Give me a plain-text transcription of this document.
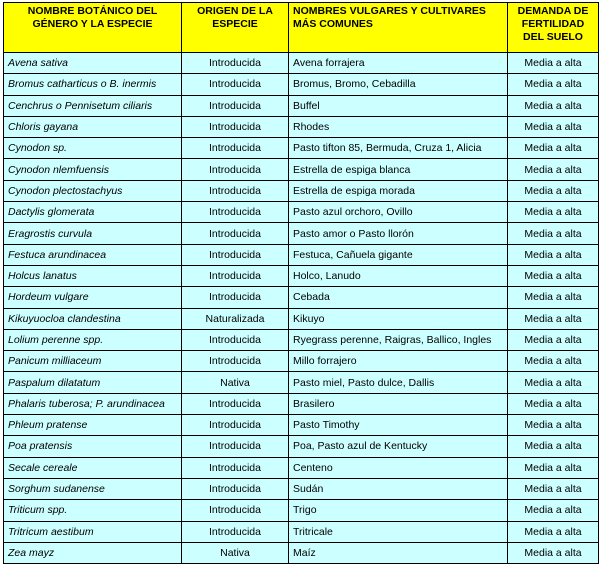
NOMBRE BOTÁNICO DEL GÉNERO Y LA ESPECIE	ORIGEN DE LA ESPECIE	NOMBRES VULGARES Y CULTIVARES MÁS COMUNES	DEMANDA DE FERTILIDAD DEL SUELO
Avena sativa	Introducida	Avena forrajera	Media a alta
Bromus catharticus o B. inermis	Introducida	Bromus, Bromo, Cebadilla	Media a alta
Cenchrus o Pennisetum ciliaris	Introducida	Buffel	Media a alta
Chloris gayana	Introducida	Rhodes	Media a alta
Cynodon sp.	Introducida	Pasto tifton 85, Bermuda, Cruza 1, Alicia	Media a alta
Cynodon nlemfuensis	Introducida	Estrella de espiga blanca	Media a alta
Cynodon plectostachyus	Introducida	Estrella de espiga morada	Media a alta
Dactylis glomerata	Introducida	Pasto azul orchoro, Ovillo	Media a alta
Eragrostis curvula	Introducida	Pasto amor o Pasto llorón	Media a alta
Festuca arundinacea	Introducida	Festuca, Cañuela gigante	Media a alta
Holcus lanatus	Introducida	Holco, Lanudo	Media a alta
Hordeum vulgare	Introducida	Cebada	Media a alta
Kikuyuocloa clandestina	Naturalizada	Kikuyo	Media a alta
Lolium perenne spp.	Introducida	Ryegrass perenne, Raigras, Ballico, Ingles	Media a alta
Panicum milliaceum	Introducida	Millo forrajero	Media a alta
Paspalum dilatatum	Nativa	Pasto miel, Pasto dulce, Dallis	Media a alta
Phalaris tuberosa; P. arundinacea	Introducida	Brasilero	Media a alta
Phleum pratense	Introducida	Pasto Timothy	Media a alta
Poa pratensis	Introducida	Poa, Pasto azul de Kentucky	Media a alta
Secale cereale	Introducida	Centeno	Media a alta
Sorghum sudanense	Introducida	Sudán	Media a alta
Triticum spp.	Introducida	Trigo	Media a alta
Tritricum aestibum	Introducida	Tritricale	Media a alta
Zea mayz	Nativa	Maíz	Media a alta
